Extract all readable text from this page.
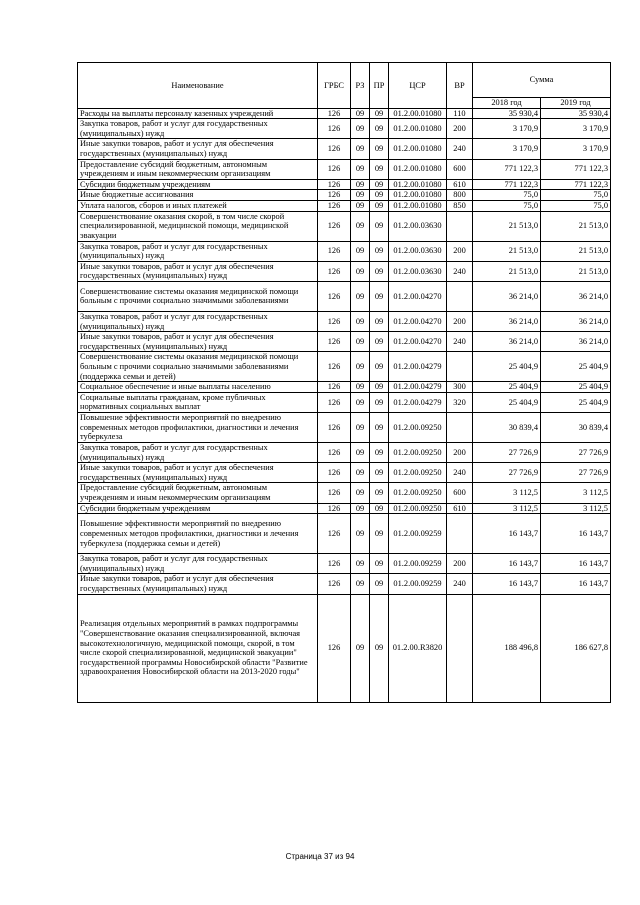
Наименование	ГРБС	РЗ	ПР	ЦСР	ВР	Сумма	
						2018 год	2019 год
Расходы на выплаты персоналу казенных учреждений	126	09	09	01.2.00.01080	110	35 930,4	35 930,4
Закупка товаров, работ и услуг для государственных (муниципальных) нужд	126	09	09	01.2.00.01080	200	3 170,9	3 170,9
Иные закупки товаров, работ и услуг для обеспечения государственных (муниципальных) нужд	126	09	09	01.2.00.01080	240	3 170,9	3 170,9
Предоставление субсидий бюджетным, автономным учреждениям и иным некоммерческим организациям	126	09	09	01.2.00.01080	600	771 122,3	771 122,3
Субсидии бюджетным учреждениям	126	09	09	01.2.00.01080	610	771 122,3	771 122,3
Иные бюджетные ассигнования	126	09	09	01.2.00.01080	800	75,0	75,0
Уплата налогов, сборов и иных платежей	126	09	09	01.2.00.01080	850	75,0	75,0
Совершенствование оказания скорой, в том числе скорой специализированной, медицинской помощи, медицинской эвакуации	126	09	09	01.2.00.03630		21 513,0	21 513,0
Закупка товаров, работ и услуг для государственных (муниципальных) нужд	126	09	09	01.2.00.03630	200	21 513,0	21 513,0
Иные закупки товаров, работ и услуг для обеспечения государственных (муниципальных) нужд	126	09	09	01.2.00.03630	240	21 513,0	21 513,0
Совершенствование системы оказания медицинской помощи больным с прочими социально значимыми заболеваниями	126	09	09	01.2.00.04270		36 214,0	36 214,0
Закупка товаров, работ и услуг для государственных (муниципальных) нужд	126	09	09	01.2.00.04270	200	36 214,0	36 214,0
Иные закупки товаров, работ и услуг для обеспечения государственных (муниципальных) нужд	126	09	09	01.2.00.04270	240	36 214,0	36 214,0
Совершенствование системы оказания медицинской помощи больным с прочими социально значимыми заболеваниями (поддержка семьи и детей)	126	09	09	01.2.00.04279		25 404,9	25 404,9
Социальное обеспечение и иные выплаты населению	126	09	09	01.2.00.04279	300	25 404,9	25 404,9
Социальные выплаты гражданам, кроме публичных нормативных социальных выплат	126	09	09	01.2.00.04279	320	25 404,9	25 404,9
Повышение эффективности мероприятий по внедрению современных методов профилактики, диагностики и лечения туберкулеза	126	09	09	01.2.00.09250		30 839,4	30 839,4
Закупка товаров, работ и услуг для государственных (муниципальных) нужд	126	09	09	01.2.00.09250	200	27 726,9	27 726,9
Иные закупки товаров, работ и услуг для обеспечения государственных (муниципальных) нужд	126	09	09	01.2.00.09250	240	27 726,9	27 726,9
Предоставление субсидий бюджетным, автономным учреждениям и иным некоммерческим организациям	126	09	09	01.2.00.09250	600	3 112,5	3 112,5
Субсидии бюджетным учреждениям	126	09	09	01.2.00.09250	610	3 112,5	3 112,5
Повышение эффективности мероприятий по внедрению современных методов профилактики, диагностики и лечения туберкулеза (поддержка семьи и детей)	126	09	09	01.2.00.09259		16 143,7	16 143,7
Закупка товаров, работ и услуг для государственных (муниципальных) нужд	126	09	09	01.2.00.09259	200	16 143,7	16 143,7
Иные закупки товаров, работ и услуг для обеспечения государственных (муниципальных) нужд	126	09	09	01.2.00.09259	240	16 143,7	16 143,7
Реализация отдельных мероприятий в рамках подпрограммы "Совершенствование оказания специализированной, включая высокотехнологичную, медицинской помощи, скорой, в том числе скорой специализированной, медицинской эвакуации" государственной программы Новосибирской области "Развитие здравоохранения Новосибирской области на 2013-2020 годы"	126	09	09	01.2.00.R3820		188 496,8	186 627,8
Страница 37 из 94
